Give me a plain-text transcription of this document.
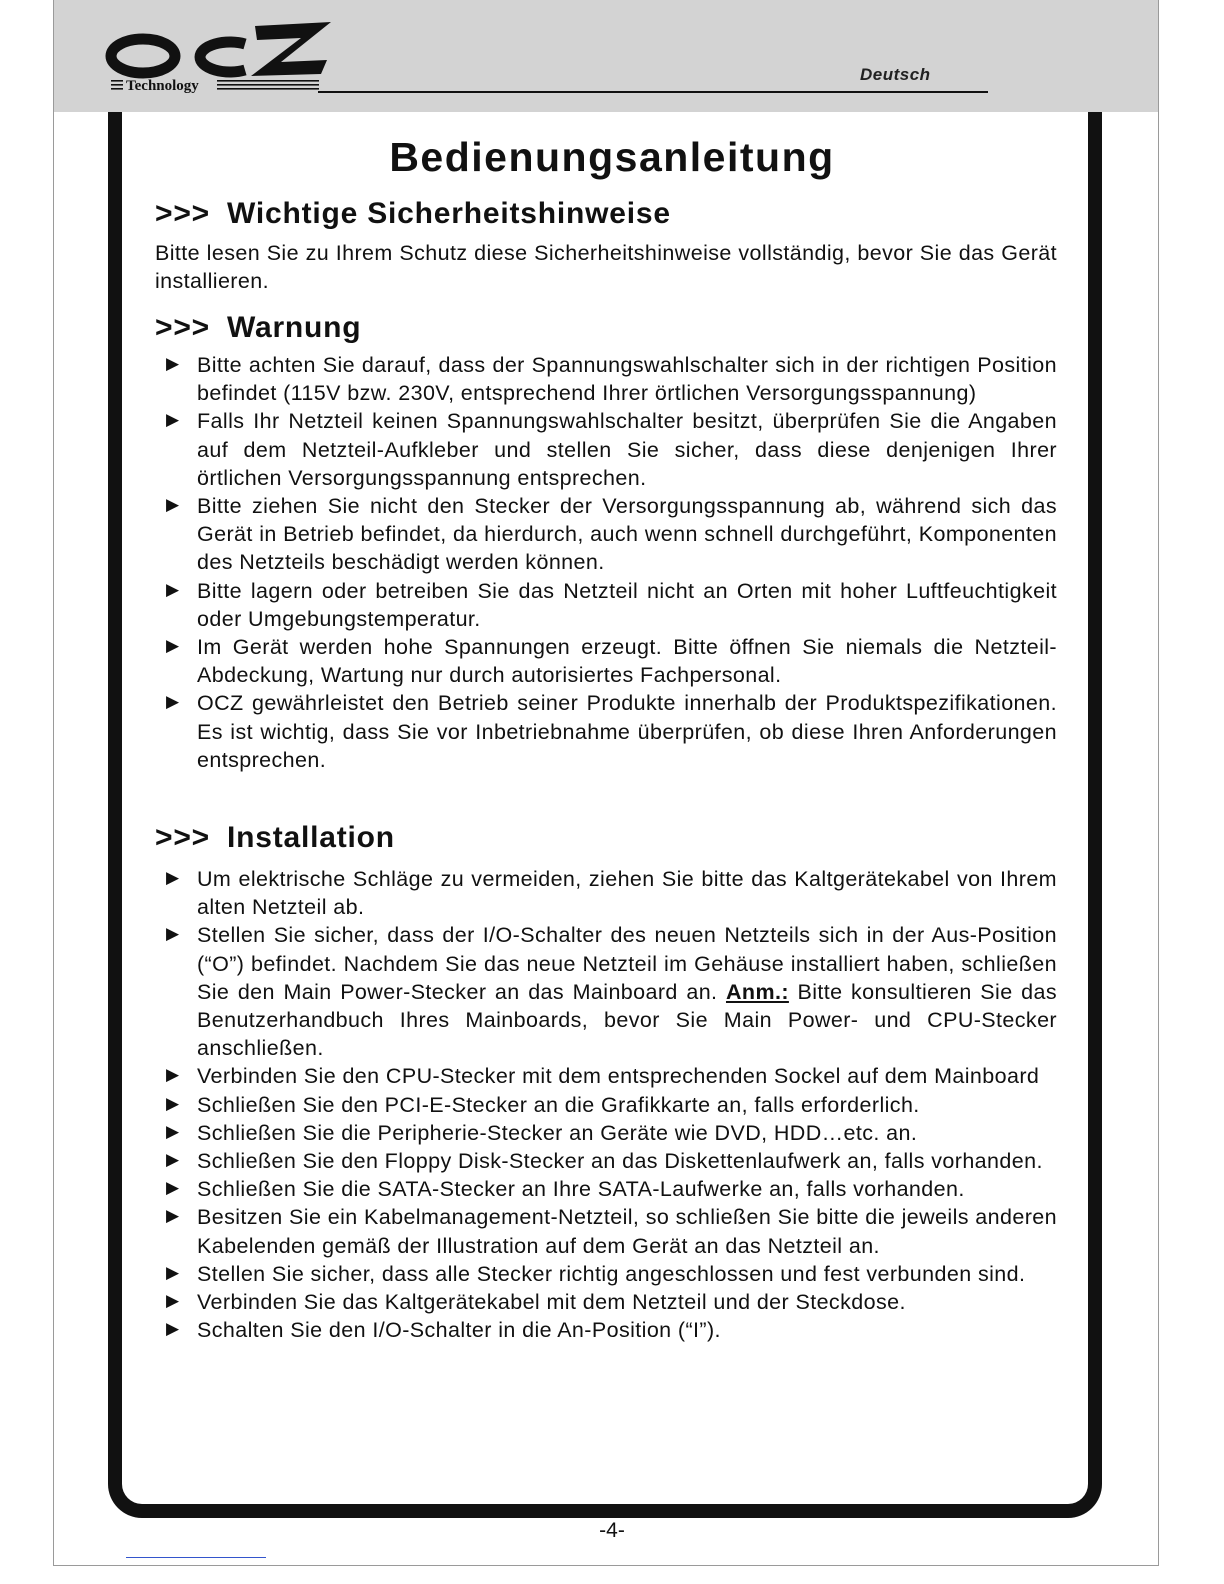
Technology
Deutsch
Bedienungsanleitung
>>> Wichtige Sicherheitshinweise

Bitte lesen Sie zu Ihrem Schutz diese Sicherheitshinweise vollständig, bevor Sie das Gerät installieren.

>>> Warnung
▶ Bitte achten Sie darauf, dass der Spannungswahlschalter sich in der richtigen Position befindet (115V bzw. 230V, entsprechend Ihrer örtlichen Versorgungsspannung)
▶ Falls Ihr Netzteil keinen Spannungswahlschalter besitzt, überprüfen Sie die Angaben auf dem Netzteil-Aufkleber und stellen Sie sicher, dass diese denjenigen Ihrer örtlichen Versorgungsspannung entsprechen.
▶ Bitte ziehen Sie nicht den Stecker der Versorgungsspannung ab, während sich das Gerät in Betrieb befindet, da hierdurch, auch wenn schnell durchgeführt, Komponenten des Netzteils beschädigt werden können.
▶ Bitte lagern oder betreiben Sie das Netzteil nicht an Orten mit hoher Luftfeuchtigkeit oder Umgebungstemperatur.
▶ Im Gerät werden hohe Spannungen erzeugt. Bitte öffnen Sie niemals die Netzteil-Abdeckung, Wartung nur durch autorisiertes Fachpersonal.
▶ OCZ gewährleistet den Betrieb seiner Produkte innerhalb der Produktspezifikationen. Es ist wichtig, dass Sie vor Inbetriebnahme überprüfen, ob diese Ihren Anforderungen entsprechen.
>>> Installation
▶ Um elektrische Schläge zu vermeiden, ziehen Sie bitte das Kaltgerätekabel von Ihrem alten Netzteil ab.
▶ Stellen Sie sicher, dass der I/O-Schalter des neuen Netzteils sich in der Aus-Position (“O”) befindet. Nachdem Sie das neue Netzteil im Gehäuse installiert haben, schließen Sie den Main Power-Stecker an das Mainboard an. Anm.: Bitte konsultieren Sie das Benutzerhandbuch Ihres Mainboards, bevor Sie Main Power- und CPU-Stecker anschließen.
▶ Verbinden Sie den CPU-Stecker mit dem entsprechenden Sockel auf dem Mainboard
▶ Schließen Sie den PCI-E-Stecker an die Grafikkarte an, falls erforderlich.
▶ Schließen Sie die Peripherie-Stecker an Geräte wie DVD, HDD…etc. an.
▶ Schließen Sie den Floppy Disk-Stecker an das Diskettenlaufwerk an, falls vorhanden.
▶ Schließen Sie die SATA-Stecker an Ihre SATA-Laufwerke an, falls vorhanden.
▶ Besitzen Sie ein Kabelmanagement-Netzteil, so schließen Sie bitte die jeweils anderen Kabelenden gemäß der Illustration auf dem Gerät an das Netzteil an.
▶ Stellen Sie sicher, dass alle Stecker richtig angeschlossen und fest verbunden sind.
▶ Verbinden Sie das Kaltgerätekabel mit dem Netzteil und der Steckdose.
▶ Schalten Sie den I/O-Schalter in die An-Position (“I”).
-4-
